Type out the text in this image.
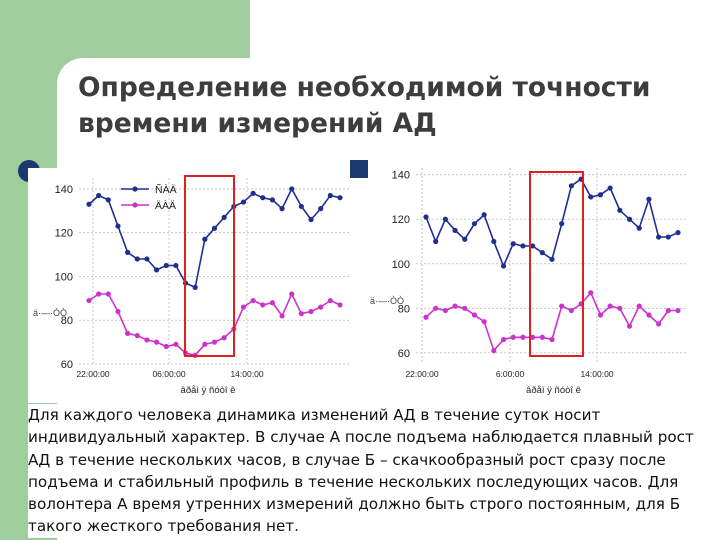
Определение необходимой точности времени измерений АД
60
80
100
120
140
22:00:00	06:00:00	14:00:00
âðåì ÿ ñóòî ê
ä·—·ÒÒ
ÑÀÄ
ÄÀÄ
60
80
100
120
140
22:00:00	6:00:00	14:00:00
âðåì ÿ ñóòî ê
ä·—·ÒÒ
Для каждого человека динамика изменений АД в течение суток носит индивидуальный характер. В случае А после подъема наблюдается плавный рост АД в течение нескольких часов, в случае Б – скачкообразный рост сразу после подъема и стабильный профиль в течение нескольких последующих часов. Для волонтера А время утренних измерений должно быть строго постоянным, для Б такого жесткого требования нет.
